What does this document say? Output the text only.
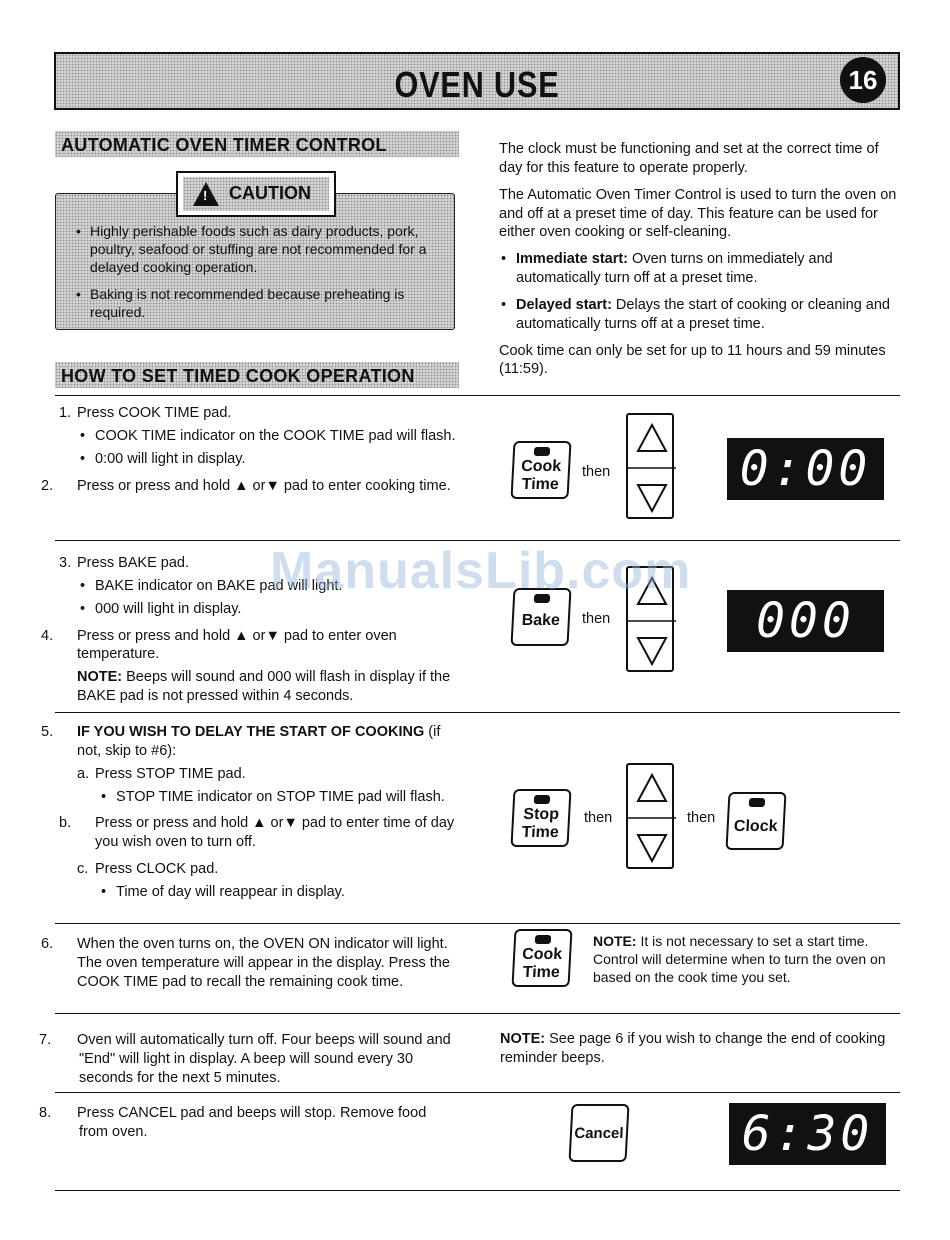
OVEN USE	16
AUTOMATIC OVEN TIMER CONTROL
! CAUTION
• Highly perishable foods such as dairy products, pork, poultry, seafood or stuffing are not recommended for a delayed cooking operation.
• Baking is not recommended because preheating is required.
HOW TO SET TIMED COOK OPERATION

The clock must be functioning and set at the correct time of day for this feature to operate properly.

The Automatic Oven Timer Control is used to turn the oven on and off at a preset time of day. This feature can be used for either oven cooking or self-cleaning.

• Immediate start: Oven turns on immediately and automatically turn off at a preset time.
• Delayed start: Delays the start of cooking or cleaning and automatically turns off at a preset time.

Cook time can only be set for up to 11 hours and 59 minutes (11:59).

1. Press COOK TIME pad.
• COOK TIME indicator on the COOK TIME pad will flash.
• 0:00 will light in display.
2. Press or press and hold ▲ or▼ pad to enter cooking time.
Cook
Time
then	0:00
3. Press BAKE pad.
• BAKE indicator on BAKE pad will light.
• 000 will light in display.
4. Press or press and hold ▲ or▼ pad to enter oven temperature.
NOTE: Beeps will sound and 000 will flash in display if the BAKE pad is not pressed within 4 seconds.
Bake	then	000
5. IF YOU WISH TO DELAY THE START OF COOKING (if not, skip to #6):
a. Press STOP TIME pad.
• STOP TIME indicator on STOP TIME pad will flash.
b. Press or press and hold ▲ or▼ pad to enter time of day you wish oven to turn off.
c. Press CLOCK pad.
• Time of day will reappear in display.
Stop
Time
then	then	Clock
6. When the oven turns on, the OVEN ON indicator will light. The oven temperature will appear in the display. Press the COOK TIME pad to recall the remaining cook time.
Cook
Time
NOTE: It is not necessary to set a start time. Control will determine when to turn the oven on based on the cook time you set.
7. Oven will automatically turn off. Four beeps will sound and "End" will light in display. A beep will sound every 30 seconds for the next 5 minutes.
NOTE: See page 6 if you wish to change the end of cooking reminder beeps.
8. Press CANCEL pad and beeps will stop. Remove food from oven.	Cancel 6:30
ManualsLib.com
